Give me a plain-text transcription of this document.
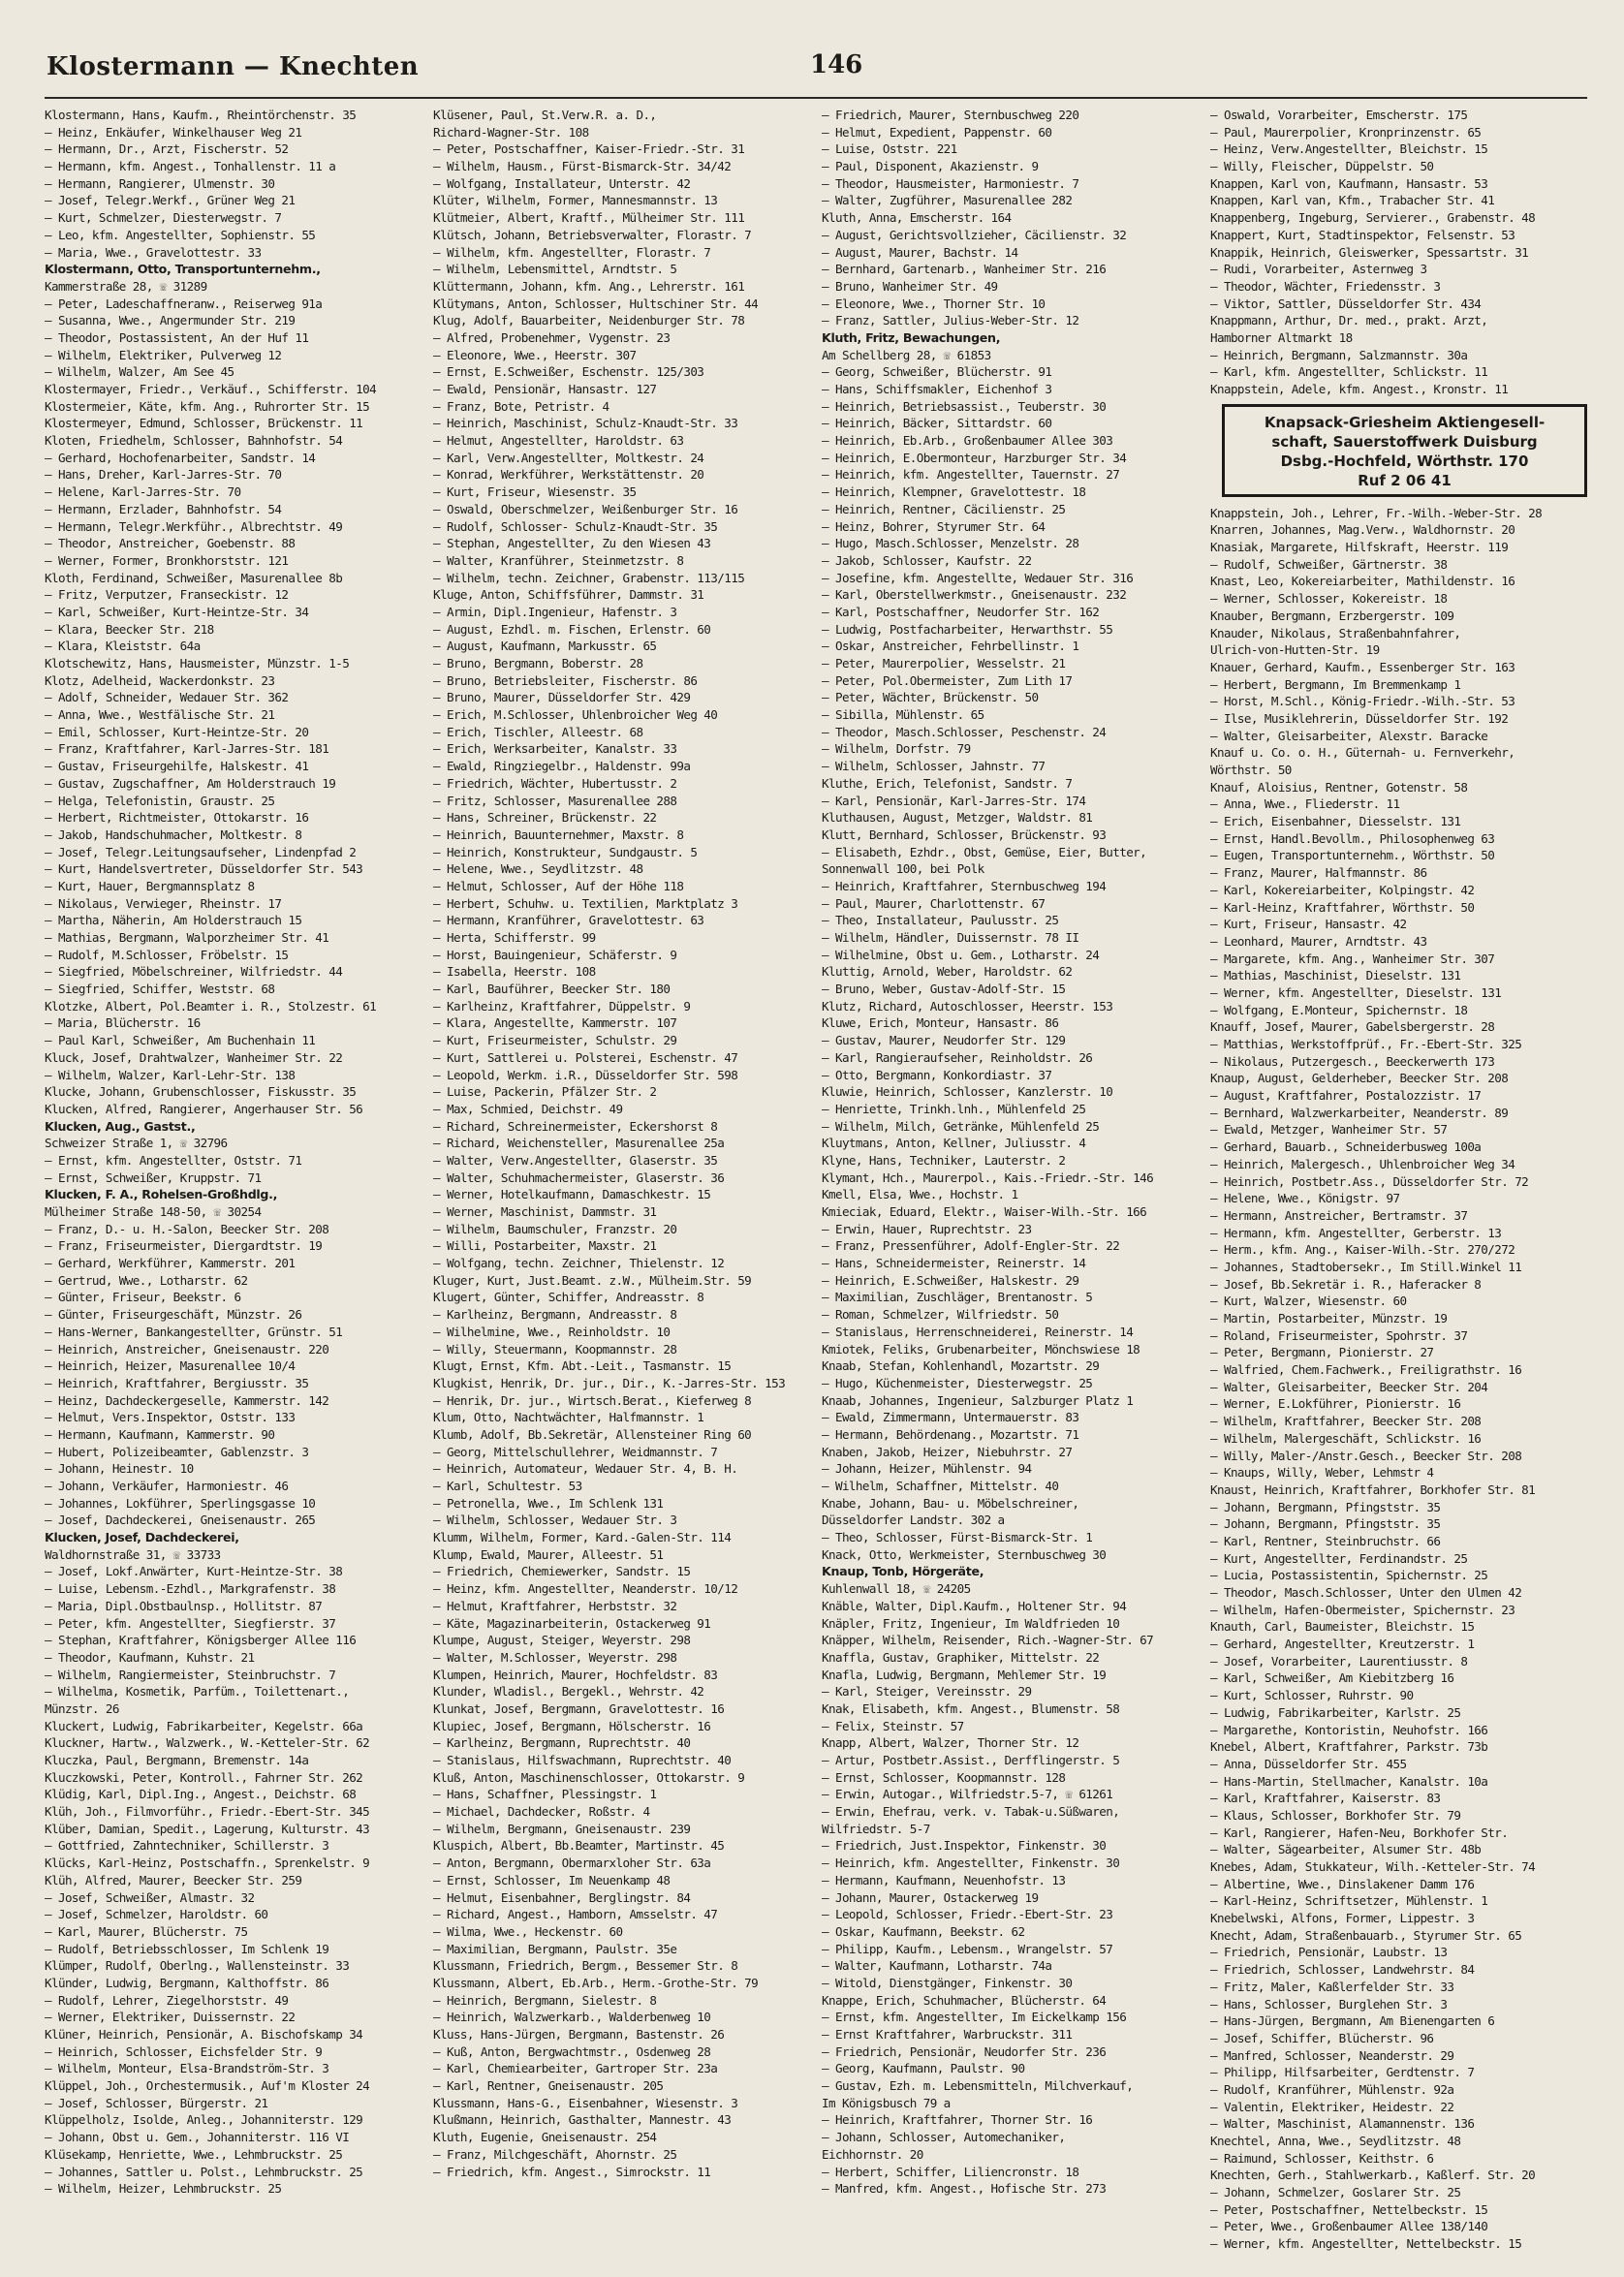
Klostermann — Knechten	146
Klostermann, Hans, Kaufm., Rheintörchenstr. 35
— Heinz, Enkäufer, Winkelhauser Weg 21
— Hermann, Dr., Arzt, Fischerstr. 52
— Hermann, kfm. Angest., Tonhallenstr. 11 a
— Hermann, Rangierer, Ulmenstr. 30
— Josef, Telegr.Werkf., Grüner Weg 21
— Kurt, Schmelzer, Diesterwegstr. 7
— Leo, kfm. Angestellter, Sophienstr. 55
— Maria, Wwe., Gravelottestr. 33
Klostermann, Otto, Transportunternehm.,
Kammerstraße 28, ☏ 31289
— Peter, Ladeschaffneranw., Reiserweg 91a
— Susanna, Wwe., Angermunder Str. 219
— Theodor, Postassistent, An der Huf 11
— Wilhelm, Elektriker, Pulverweg 12
— Wilhelm, Walzer, Am See 45
Klostermayer, Friedr., Verkäuf., Schifferstr. 104
Klostermeier, Käte, kfm. Ang., Ruhrorter Str. 15
Klostermeyer, Edmund, Schlosser, Brückenstr. 11
Kloten, Friedhelm, Schlosser, Bahnhofstr. 54
— Gerhard, Hochofenarbeiter, Sandstr. 14
— Hans, Dreher, Karl-Jarres-Str. 70
— Helene, Karl-Jarres-Str. 70
— Hermann, Erzlader, Bahnhofstr. 54
— Hermann, Telegr.Werkführ., Albrechtstr. 49
— Theodor, Anstreicher, Goebenstr. 88
— Werner, Former, Bronkhorststr. 121
Kloth, Ferdinand, Schweißer, Masurenallee 8b
— Fritz, Verputzer, Franseckistr. 12
— Karl, Schweißer, Kurt-Heintze-Str. 34
— Klara, Beecker Str. 218
— Klara, Kleiststr. 64a
Klotschewitz, Hans, Hausmeister, Münzstr. 1-5
Klotz, Adelheid, Wackerdonkstr. 23
— Adolf, Schneider, Wedauer Str. 362
— Anna, Wwe., Westfälische Str. 21
— Emil, Schlosser, Kurt-Heintze-Str. 20
— Franz, Kraftfahrer, Karl-Jarres-Str. 181
— Gustav, Friseurgehilfe, Halskestr. 41
— Gustav, Zugschaffner, Am Holderstrauch 19
— Helga, Telefonistin, Graustr. 25
— Herbert, Richtmeister, Ottokarstr. 16
— Jakob, Handschuhmacher, Moltkestr. 8
— Josef, Telegr.Leitungsaufseher, Lindenpfad 2
— Kurt, Handelsvertreter, Düsseldorfer Str. 543
— Kurt, Hauer, Bergmannsplatz 8
— Nikolaus, Verwieger, Rheinstr. 17
— Martha, Näherin, Am Holderstrauch 15
— Mathias, Bergmann, Walporzheimer Str. 41
— Rudolf, M.Schlosser, Fröbelstr. 15
— Siegfried, Möbelschreiner, Wilfriedstr. 44
— Siegfried, Schiffer, Weststr. 68
Klotzke, Albert, Pol.Beamter i. R., Stolzestr. 61
— Maria, Blücherstr. 16
— Paul Karl, Schweißer, Am Buchenhain 11
Kluck, Josef, Drahtwalzer, Wanheimer Str. 22
— Wilhelm, Walzer, Karl-Lehr-Str. 138
Klucke, Johann, Grubenschlosser, Fiskusstr. 35
Klucken, Alfred, Rangierer, Angerhauser Str. 56
Klucken, Aug., Gastst.,
Schweizer Straße 1, ☏ 32796
— Ernst, kfm. Angestellter, Oststr. 71
— Ernst, Schweißer, Kruppstr. 71
Klucken, F. A., Rohelsen-Großhdlg.,
Mülheimer Straße 148-50, ☏ 30254
— Franz, D.- u. H.-Salon, Beecker Str. 208
— Franz, Friseurmeister, Diergardtstr. 19
— Gerhard, Werkführer, Kammerstr. 201
— Gertrud, Wwe., Lotharstr. 62
— Günter, Friseur, Beekstr. 6
— Günter, Friseurgeschäft, Münzstr. 26
— Hans-Werner, Bankangestellter, Grünstr. 51
— Heinrich, Anstreicher, Gneisenaustr. 220
— Heinrich, Heizer, Masurenallee 10/4
— Heinrich, Kraftfahrer, Bergiusstr. 35
— Heinz, Dachdeckergeselle, Kammerstr. 142
— Helmut, Vers.Inspektor, Oststr. 133
— Hermann, Kaufmann, Kammerstr. 90
— Hubert, Polizeibeamter, Gablenzstr. 3
— Johann, Heinestr. 10
— Johann, Verkäufer, Harmoniestr. 46
— Johannes, Lokführer, Sperlingsgasse 10
— Josef, Dachdeckerei, Gneisenaustr. 265
Klucken, Josef, Dachdeckerei,
Waldhornstraße 31, ☏ 33733
— Josef, Lokf.Anwärter, Kurt-Heintze-Str. 38
— Luise, Lebensm.-Ezhdl., Markgrafenstr. 38
— Maria, Dipl.Obstbaulnsp., Hollitstr. 87
— Peter, kfm. Angestellter, Siegfierstr. 37
— Stephan, Kraftfahrer, Königsberger Allee 116
— Theodor, Kaufmann, Kuhstr. 21
— Wilhelm, Rangiermeister, Steinbruchstr. 7
— Wilhelma, Kosmetik, Parfüm., Toilettenart.,
Münzstr. 26
Kluckert, Ludwig, Fabrikarbeiter, Kegelstr. 66a
Kluckner, Hartw., Walzwerk., W.-Ketteler-Str. 62
Kluczka, Paul, Bergmann, Bremenstr. 14a
Kluczkowski, Peter, Kontroll., Fahrner Str. 262
Klüdig, Karl, Dipl.Ing., Angest., Deichstr. 68
Klüh, Joh., Filmvorführ., Friedr.-Ebert-Str. 345
Klüber, Damian, Spedit., Lagerung, Kulturstr. 43
— Gottfried, Zahntechniker, Schillerstr. 3
Klücks, Karl-Heinz, Postschaffn., Sprenkelstr. 9
Klüh, Alfred, Maurer, Beecker Str. 259
— Josef, Schweißer, Almastr. 32
— Josef, Schmelzer, Haroldstr. 60
— Karl, Maurer, Blücherstr. 75
— Rudolf, Betriebsschlosser, Im Schlenk 19
Klümper, Rudolf, Oberlng., Wallensteinstr. 33
Klünder, Ludwig, Bergmann, Kalthoffstr. 86
— Rudolf, Lehrer, Ziegelhorststr. 49
— Werner, Elektriker, Duissernstr. 22
Klüner, Heinrich, Pensionär, A. Bischofskamp 34
— Heinrich, Schlosser, Eichsfelder Str. 9
— Wilhelm, Monteur, Elsa-Brandström-Str. 3
Klüppel, Joh., Orchestermusik., Auf'm Kloster 24
— Josef, Schlosser, Bürgerstr. 21
Klüppelholz, Isolde, Anleg., Johanniterstr. 129
— Johann, Obst u. Gem., Johanniterstr. 116 VI
Klüsekamp, Henriette, Wwe., Lehmbruckstr. 25
— Johannes, Sattler u. Polst., Lehmbruckstr. 25
— Wilhelm, Heizer, Lehmbruckstr. 25
Klüsener, Paul, St.Verw.R. a. D.,
Richard-Wagner-Str. 108
— Peter, Postschaffner, Kaiser-Friedr.-Str. 31
— Wilhelm, Hausm., Fürst-Bismarck-Str. 34/42
— Wolfgang, Installateur, Unterstr. 42
Klüter, Wilhelm, Former, Mannesmannstr. 13
Klütmeier, Albert, Kraftf., Mülheimer Str. 111
Klütsch, Johann, Betriebsverwalter, Florastr. 7
— Wilhelm, kfm. Angestellter, Florastr. 7
— Wilhelm, Lebensmittel, Arndtstr. 5
Klüttermann, Johann, kfm. Ang., Lehrerstr. 161
Klütymans, Anton, Schlosser, Hultschiner Str. 44
Klug, Adolf, Bauarbeiter, Neidenburger Str. 78
— Alfred, Probenehmer, Vygenstr. 23
— Eleonore, Wwe., Heerstr. 307
— Ernst, E.Schweißer, Eschenstr. 125/303
— Ewald, Pensionär, Hansastr. 127
— Franz, Bote, Petristr. 4
— Heinrich, Maschinist, Schulz-Knaudt-Str. 33
— Helmut, Angestellter, Haroldstr. 63
— Karl, Verw.Angestellter, Moltkestr. 24
— Konrad, Werkführer, Werkstättenstr. 20
— Kurt, Friseur, Wiesenstr. 35
— Oswald, Oberschmelzer, Weißenburger Str. 16
— Rudolf, Schlosser- Schulz-Knaudt-Str. 35
— Stephan, Angestellter, Zu den Wiesen 43
— Walter, Kranführer, Steinmetzstr. 8
— Wilhelm, techn. Zeichner, Grabenstr. 113/115
Kluge, Anton, Schiffsführer, Dammstr. 31
— Armin, Dipl.Ingenieur, Hafenstr. 3
— August, Ezhdl. m. Fischen, Erlenstr. 60
— August, Kaufmann, Markusstr. 65
— Bruno, Bergmann, Boberstr. 28
— Bruno, Betriebsleiter, Fischerstr. 86
— Bruno, Maurer, Düsseldorfer Str. 429
— Erich, M.Schlosser, Uhlenbroicher Weg 40
— Erich, Tischler, Alleestr. 68
— Erich, Werksarbeiter, Kanalstr. 33
— Ewald, Ringziegelbr., Haldenstr. 99a
— Friedrich, Wächter, Hubertusstr. 2
— Fritz, Schlosser, Masurenallee 288
— Hans, Schreiner, Brückenstr. 22
— Heinrich, Bauunternehmer, Maxstr. 8
— Heinrich, Konstrukteur, Sundgaustr. 5
— Helene, Wwe., Seydlitzstr. 48
— Helmut, Schlosser, Auf der Höhe 118
— Herbert, Schuhw. u. Textilien, Marktplatz 3
— Hermann, Kranführer, Gravelottestr. 63
— Herta, Schifferstr. 99
— Horst, Bauingenieur, Schäferstr. 9
— Isabella, Heerstr. 108
— Karl, Bauführer, Beecker Str. 180
— Karlheinz, Kraftfahrer, Düppelstr. 9
— Klara, Angestellte, Kammerstr. 107
— Kurt, Friseurmeister, Schulstr. 29
— Kurt, Sattlerei u. Polsterei, Eschenstr. 47
— Leopold, Werkm. i.R., Düsseldorfer Str. 598
— Luise, Packerin, Pfälzer Str. 2
— Max, Schmied, Deichstr. 49
— Richard, Schreinermeister, Eckershorst 8
— Richard, Weichensteller, Masurenallee 25a
— Walter, Verw.Angestellter, Glaserstr. 35
— Walter, Schuhmachermeister, Glaserstr. 36
— Werner, Hotelkaufmann, Damaschkestr. 15
— Werner, Maschinist, Dammstr. 31
— Wilhelm, Baumschuler, Franzstr. 20
— Willi, Postarbeiter, Maxstr. 21
— Wolfgang, techn. Zeichner, Thielenstr. 12
Kluger, Kurt, Just.Beamt. z.W., Mülheim.Str. 59
Klugert, Günter, Schiffer, Andreasstr. 8
— Karlheinz, Bergmann, Andreasstr. 8
— Wilhelmine, Wwe., Reinholdstr. 10
— Willy, Steuermann, Koopmannstr. 28
Klugt, Ernst, Kfm. Abt.-Leit., Tasmanstr. 15
Klugkist, Henrik, Dr. jur., Dir., K.-Jarres-Str. 153
— Henrik, Dr. jur., Wirtsch.Berat., Kieferweg 8
Klum, Otto, Nachtwächter, Halfmannstr. 1
Klumb, Adolf, Bb.Sekretär, Allensteiner Ring 60
— Georg, Mittelschullehrer, Weidmannstr. 7
— Heinrich, Automateur, Wedauer Str. 4, B. H.
— Karl, Schultestr. 53
— Petronella, Wwe., Im Schlenk 131
— Wilhelm, Schlosser, Wedauer Str. 3
Klumm, Wilhelm, Former, Kard.-Galen-Str. 114
Klump, Ewald, Maurer, Alleestr. 51
— Friedrich, Chemiewerker, Sandstr. 15
— Heinz, kfm. Angestellter, Neanderstr. 10/12
— Helmut, Kraftfahrer, Herbststr. 32
— Käte, Magazinarbeiterin, Ostackerweg 91
Klumpe, August, Steiger, Weyerstr. 298
— Walter, M.Schlosser, Weyerstr. 298
Klumpen, Heinrich, Maurer, Hochfeldstr. 83
Klunder, Wladisl., Bergekl., Wehrstr. 42
Klunkat, Josef, Bergmann, Gravelottestr. 16
Klupiec, Josef, Bergmann, Hölscherstr. 16
— Karlheinz, Bergmann, Ruprechtstr. 40
— Stanislaus, Hilfswachmann, Ruprechtstr. 40
Kluß, Anton, Maschinenschlosser, Ottokarstr. 9
— Hans, Schaffner, Plessingstr. 1
— Michael, Dachdecker, Roßstr. 4
— Wilhelm, Bergmann, Gneisenaustr. 239
Kluspich, Albert, Bb.Beamter, Martinstr. 45
— Anton, Bergmann, Obermarxloher Str. 63a
— Ernst, Schlosser, Im Neuenkamp 48
— Helmut, Eisenbahner, Berglingstr. 84
— Richard, Angest., Hamborn, Amsselstr. 47
— Wilma, Wwe., Heckenstr. 60
— Maximilian, Bergmann, Paulstr. 35e
Klussmann, Friedrich, Bergm., Bessemer Str. 8
Klussmann, Albert, Eb.Arb., Herm.-Grothe-Str. 79
— Heinrich, Bergmann, Sielestr. 8
— Heinrich, Walzwerkarb., Walderbenweg 10
Kluss, Hans-Jürgen, Bergmann, Bastenstr. 26
— Kuß, Anton, Bergwachtmstr., Osdenweg 28
— Karl, Chemiearbeiter, Gartroper Str. 23a
— Karl, Rentner, Gneisenaustr. 205
Klussmann, Hans-G., Eisenbahner, Wiesenstr. 3
Klußmann, Heinrich, Gasthalter, Mannestr. 43
Kluth, Eugenie, Gneisenaustr. 254
— Franz, Milchgeschäft, Ahornstr. 25
— Friedrich, kfm. Angest., Simrockstr. 11
— Friedrich, Maurer, Sternbuschweg 220
— Helmut, Expedient, Pappenstr. 60
— Luise, Oststr. 221
— Paul, Disponent, Akazienstr. 9
— Theodor, Hausmeister, Harmoniestr. 7
— Walter, Zugführer, Masurenallee 282
Kluth, Anna, Emscherstr. 164
— August, Gerichtsvollzieher, Cäcilienstr. 32
— August, Maurer, Bachstr. 14
— Bernhard, Gartenarb., Wanheimer Str. 216
— Bruno, Wanheimer Str. 49
— Eleonore, Wwe., Thorner Str. 10
— Franz, Sattler, Julius-Weber-Str. 12
Kluth, Fritz, Bewachungen,
Am Schellberg 28, ☏ 61853
— Georg, Schweißer, Blücherstr. 91
— Hans, Schiffsmakler, Eichenhof 3
— Heinrich, Betriebsassist., Teuberstr. 30
— Heinrich, Bäcker, Sittardstr. 60
— Heinrich, Eb.Arb., Großenbaumer Allee 303
— Heinrich, E.Obermonteur, Harzburger Str. 34
— Heinrich, kfm. Angestellter, Tauernstr. 27
— Heinrich, Klempner, Gravelottestr. 18
— Heinrich, Rentner, Cäcilienstr. 25
— Heinz, Bohrer, Styrumer Str. 64
— Hugo, Masch.Schlosser, Menzelstr. 28
— Jakob, Schlosser, Kaufstr. 22
— Josefine, kfm. Angestellte, Wedauer Str. 316
— Karl, Oberstellwerkmstr., Gneisenaustr. 232
— Karl, Postschaffner, Neudorfer Str. 162
— Ludwig, Postfacharbeiter, Herwarthstr. 55
— Oskar, Anstreicher, Fehrbellinstr. 1
— Peter, Maurerpolier, Wesselstr. 21
— Peter, Pol.Obermeister, Zum Lith 17
— Peter, Wächter, Brückenstr. 50
— Sibilla, Mühlenstr. 65
— Theodor, Masch.Schlosser, Peschenstr. 24
— Wilhelm, Dorfstr. 79
— Wilhelm, Schlosser, Jahnstr. 77
Kluthe, Erich, Telefonist, Sandstr. 7
— Karl, Pensionär, Karl-Jarres-Str. 174
Kluthausen, August, Metzger, Waldstr. 81
Klutt, Bernhard, Schlosser, Brückenstr. 93
— Elisabeth, Ezhdr., Obst, Gemüse, Eier, Butter,
Sonnenwall 100, bei Polk
— Heinrich, Kraftfahrer, Sternbuschweg 194
— Paul, Maurer, Charlottenstr. 67
— Theo, Installateur, Paulusstr. 25
— Wilhelm, Händler, Duissernstr. 78 II
— Wilhelmine, Obst u. Gem., Lotharstr. 24
Kluttig, Arnold, Weber, Haroldstr. 62
— Bruno, Weber, Gustav-Adolf-Str. 15
Klutz, Richard, Autoschlosser, Heerstr. 153
Kluwe, Erich, Monteur, Hansastr. 86
— Gustav, Maurer, Neudorfer Str. 129
— Karl, Rangieraufseher, Reinholdstr. 26
— Otto, Bergmann, Konkordiastr. 37
Kluwie, Heinrich, Schlosser, Kanzlerstr. 10
— Henriette, Trinkh.lnh., Mühlenfeld 25
— Wilhelm, Milch, Getränke, Mühlenfeld 25
Kluytmans, Anton, Kellner, Juliusstr. 4
Klyne, Hans, Techniker, Lauterstr. 2
Klymant, Hch., Maurerpol., Kais.-Friedr.-Str. 146
Kmell, Elsa, Wwe., Hochstr. 1
Kmieciak, Eduard, Elektr., Waiser-Wilh.-Str. 166
— Erwin, Hauer, Ruprechtstr. 23
— Franz, Pressenführer, Adolf-Engler-Str. 22
— Hans, Schneidermeister, Reinerstr. 14
— Heinrich, E.Schweißer, Halskestr. 29
— Maximilian, Zuschläger, Brentanostr. 5
— Roman, Schmelzer, Wilfriedstr. 50
— Stanislaus, Herrenschneiderei, Reinerstr. 14
Kmiotek, Feliks, Grubenarbeiter, Mönchswiese 18
Knaab, Stefan, Kohlenhandl, Mozartstr. 29
— Hugo, Küchenmeister, Diesterwegstr. 25
Knaab, Johannes, Ingenieur, Salzburger Platz 1
— Ewald, Zimmermann, Untermauerstr. 83
— Hermann, Behördenang., Mozartstr. 71
Knaben, Jakob, Heizer, Niebuhrstr. 27
— Johann, Heizer, Mühlenstr. 94
— Wilhelm, Schaffner, Mittelstr. 40
Knabe, Johann, Bau- u. Möbelschreiner,
Düsseldorfer Landstr. 302 a
— Theo, Schlosser, Fürst-Bismarck-Str. 1
Knack, Otto, Werkmeister, Sternbuschweg 30
Knaup, Tonb, Hörgeräte,
Kuhlenwall 18, ☏ 24205
Knäble, Walter, Dipl.Kaufm., Holtener Str. 94
Knäpler, Fritz, Ingenieur, Im Waldfrieden 10
Knäpper, Wilhelm, Reisender, Rich.-Wagner-Str. 67
Knaffla, Gustav, Graphiker, Mittelstr. 22
Knafla, Ludwig, Bergmann, Mehlemer Str. 19
— Karl, Steiger, Vereinsstr. 29
Knak, Elisabeth, kfm. Angest., Blumenstr. 58
— Felix, Steinstr. 57
Knapp, Albert, Walzer, Thorner Str. 12
— Artur, Postbetr.Assist., Derfflingerstr. 5
— Ernst, Schlosser, Koopmannstr. 128
— Erwin, Autogar., Wilfriedstr.5-7, ☏ 61261
— Erwin, Ehefrau, verk. v. Tabak-u.Süßwaren,
Wilfriedstr. 5-7
— Friedrich, Just.Inspektor, Finkenstr. 30
— Heinrich, kfm. Angestellter, Finkenstr. 30
— Hermann, Kaufmann, Neuenhofstr. 13
— Johann, Maurer, Ostackerweg 19
— Leopold, Schlosser, Friedr.-Ebert-Str. 23
— Oskar, Kaufmann, Beekstr. 62
— Philipp, Kaufm., Lebensm., Wrangelstr. 57
— Walter, Kaufmann, Lotharstr. 74a
— Witold, Dienstgänger, Finkenstr. 30
Knappe, Erich, Schuhmacher, Blücherstr. 64
— Ernst, kfm. Angestellter, Im Eickelkamp 156
— Ernst Kraftfahrer, Warbruckstr. 311
— Friedrich, Pensionär, Neudorfer Str. 236
— Georg, Kaufmann, Paulstr. 90
— Gustav, Ezh. m. Lebensmitteln, Milchverkauf,
Im Königsbusch 79 a
— Heinrich, Kraftfahrer, Thorner Str. 16
— Johann, Schlosser, Automechaniker,
Eichhornstr. 20
— Herbert, Schiffer, Liliencronstr. 18
— Manfred, kfm. Angest., Hofische Str. 273
— Oswald, Vorarbeiter, Emscherstr. 175
— Paul, Maurerpolier, Kronprinzenstr. 65
— Heinz, Verw.Angestellter, Bleichstr. 15
— Willy, Fleischer, Düppelstr. 50
Knappen, Karl von, Kaufmann, Hansastr. 53
Knappen, Karl van, Kfm., Trabacher Str. 41
Knappenberg, Ingeburg, Servierer., Grabenstr. 48
Knappert, Kurt, Stadtinspektor, Felsenstr. 53
Knappik, Heinrich, Gleiswerker, Spessartstr. 31
— Rudi, Vorarbeiter, Asternweg 3
— Theodor, Wächter, Friedensstr. 3
— Viktor, Sattler, Düsseldorfer Str. 434
Knappmann, Arthur, Dr. med., prakt. Arzt,
Hamborner Altmarkt 18
— Heinrich, Bergmann, Salzmannstr. 30a
— Karl, kfm. Angestellter, Schlickstr. 11
Knappstein, Adele, kfm. Angest., Kronstr. 11
Knapsack-Griesheim Aktiengesell-
schaft, Sauerstoffwerk Duisburg
Dsbg.-Hochfeld, Wörthstr. 170
Ruf 2 06 41
Knappstein, Joh., Lehrer, Fr.-Wilh.-Weber-Str. 28
Knarren, Johannes, Mag.Verw., Waldhornstr. 20
Knasiak, Margarete, Hilfskraft, Heerstr. 119
— Rudolf, Schweißer, Gärtnerstr. 38
Knast, Leo, Kokereiarbeiter, Mathildenstr. 16
— Werner, Schlosser, Kokereistr. 18
Knauber, Bergmann, Erzbergerstr. 109
Knauder, Nikolaus, Straßenbahnfahrer,
Ulrich-von-Hutten-Str. 19
Knauer, Gerhard, Kaufm., Essenberger Str. 163
— Herbert, Bergmann, Im Bremmenkamp 1
— Horst, M.Schl., König-Friedr.-Wilh.-Str. 53
— Ilse, Musiklehrerin, Düsseldorfer Str. 192
— Walter, Gleisarbeiter, Alexstr. Baracke
Knauf u. Co. o. H., Güternah- u. Fernverkehr,
Wörthstr. 50
Knauf, Aloisius, Rentner, Gotenstr. 58
— Anna, Wwe., Fliederstr. 11
— Erich, Eisenbahner, Diesselstr. 131
— Ernst, Handl.Bevollm., Philosophenweg 63
— Eugen, Transportunternehm., Wörthstr. 50
— Franz, Maurer, Halfmannstr. 86
— Karl, Kokereiarbeiter, Kolpingstr. 42
— Karl-Heinz, Kraftfahrer, Wörthstr. 50
— Kurt, Friseur, Hansastr. 42
— Leonhard, Maurer, Arndtstr. 43
— Margarete, kfm. Ang., Wanheimer Str. 307
— Mathias, Maschinist, Dieselstr. 131
— Werner, kfm. Angestellter, Dieselstr. 131
— Wolfgang, E.Monteur, Spichernstr. 18
Knauff, Josef, Maurer, Gabelsbergerstr. 28
— Matthias, Werkstoffprüf., Fr.-Ebert-Str. 325
— Nikolaus, Putzergesch., Beeckerwerth 173
Knaup, August, Gelderheber, Beecker Str. 208
— August, Kraftfahrer, Postalozzistr. 17
— Bernhard, Walzwerkarbeiter, Neanderstr. 89
— Ewald, Metzger, Wanheimer Str. 57
— Gerhard, Bauarb., Schneiderbusweg 100a
— Heinrich, Malergesch., Uhlenbroicher Weg 34
— Heinrich, Postbetr.Ass., Düsseldorfer Str. 72
— Helene, Wwe., Königstr. 97
— Hermann, Anstreicher, Bertramstr. 37
— Hermann, kfm. Angestellter, Gerberstr. 13
— Herm., kfm. Ang., Kaiser-Wilh.-Str. 270/272
— Johannes, Stadtobersekr., Im Still.Winkel 11
— Josef, Bb.Sekretär i. R., Haferacker 8
— Kurt, Walzer, Wiesenstr. 60
— Martin, Postarbeiter, Münzstr. 19
— Roland, Friseurmeister, Spohrstr. 37
— Peter, Bergmann, Pionierstr. 27
— Walfried, Chem.Fachwerk., Freiligrathstr. 16
— Walter, Gleisarbeiter, Beecker Str. 204
— Werner, E.Lokführer, Pionierstr. 16
— Wilhelm, Kraftfahrer, Beecker Str. 208
— Wilhelm, Malergeschäft, Schlickstr. 16
— Willy, Maler-/Anstr.Gesch., Beecker Str. 208
— Knaups, Willy, Weber, Lehmstr 4
Knaust, Heinrich, Kraftfahrer, Borkhofer Str. 81
— Johann, Bergmann, Pfingststr. 35
— Johann, Bergmann, Pfingststr. 35
— Karl, Rentner, Steinbruchstr. 66
— Kurt, Angestellter, Ferdinandstr. 25
— Lucia, Postassistentin, Spichernstr. 25
— Theodor, Masch.Schlosser, Unter den Ulmen 42
— Wilhelm, Hafen-Obermeister, Spichernstr. 23
Knauth, Carl, Baumeister, Bleichstr. 15
— Gerhard, Angestellter, Kreutzerstr. 1
— Josef, Vorarbeiter, Laurentiusstr. 8
— Karl, Schweißer, Am Kiebitzberg 16
— Kurt, Schlosser, Ruhrstr. 90
— Ludwig, Fabrikarbeiter, Karlstr. 25
— Margarethe, Kontoristin, Neuhofstr. 166
Knebel, Albert, Kraftfahrer, Parkstr. 73b
— Anna, Düsseldorfer Str. 455
— Hans-Martin, Stellmacher, Kanalstr. 10a
— Karl, Kraftfahrer, Kaiserstr. 83
— Klaus, Schlosser, Borkhofer Str. 79
— Karl, Rangierer, Hafen-Neu, Borkhofer Str.
— Walter, Sägearbeiter, Alsumer Str. 48b
Knebes, Adam, Stukkateur, Wilh.-Ketteler-Str. 74
— Albertine, Wwe., Dinslakener Damm 176
— Karl-Heinz, Schriftsetzer, Mühlenstr. 1
Knebelwski, Alfons, Former, Lippestr. 3
Knecht, Adam, Straßenbauarb., Styrumer Str. 65
— Friedrich, Pensionär, Laubstr. 13
— Friedrich, Schlosser, Landwehrstr. 84
— Fritz, Maler, Kaßlerfelder Str. 33
— Hans, Schlosser, Burglehen Str. 3
— Hans-Jürgen, Bergmann, Am Bienengarten 6
— Josef, Schiffer, Blücherstr. 96
— Manfred, Schlosser, Neanderstr. 29
— Philipp, Hilfsarbeiter, Gerdtenstr. 7
— Rudolf, Kranführer, Mühlenstr. 92a
— Valentin, Elektriker, Heidestr. 22
— Walter, Maschinist, Alamannenstr. 136
Knechtel, Anna, Wwe., Seydlitzstr. 48
— Raimund, Schlosser, Keithstr. 6
Knechten, Gerh., Stahlwerkarb., Kaßlerf. Str. 20
— Johann, Schmelzer, Goslarer Str. 25
— Peter, Postschaffner, Nettelbeckstr. 15
— Peter, Wwe., Großenbaumer Allee 138/140
— Werner, kfm. Angestellter, Nettelbeckstr. 15
